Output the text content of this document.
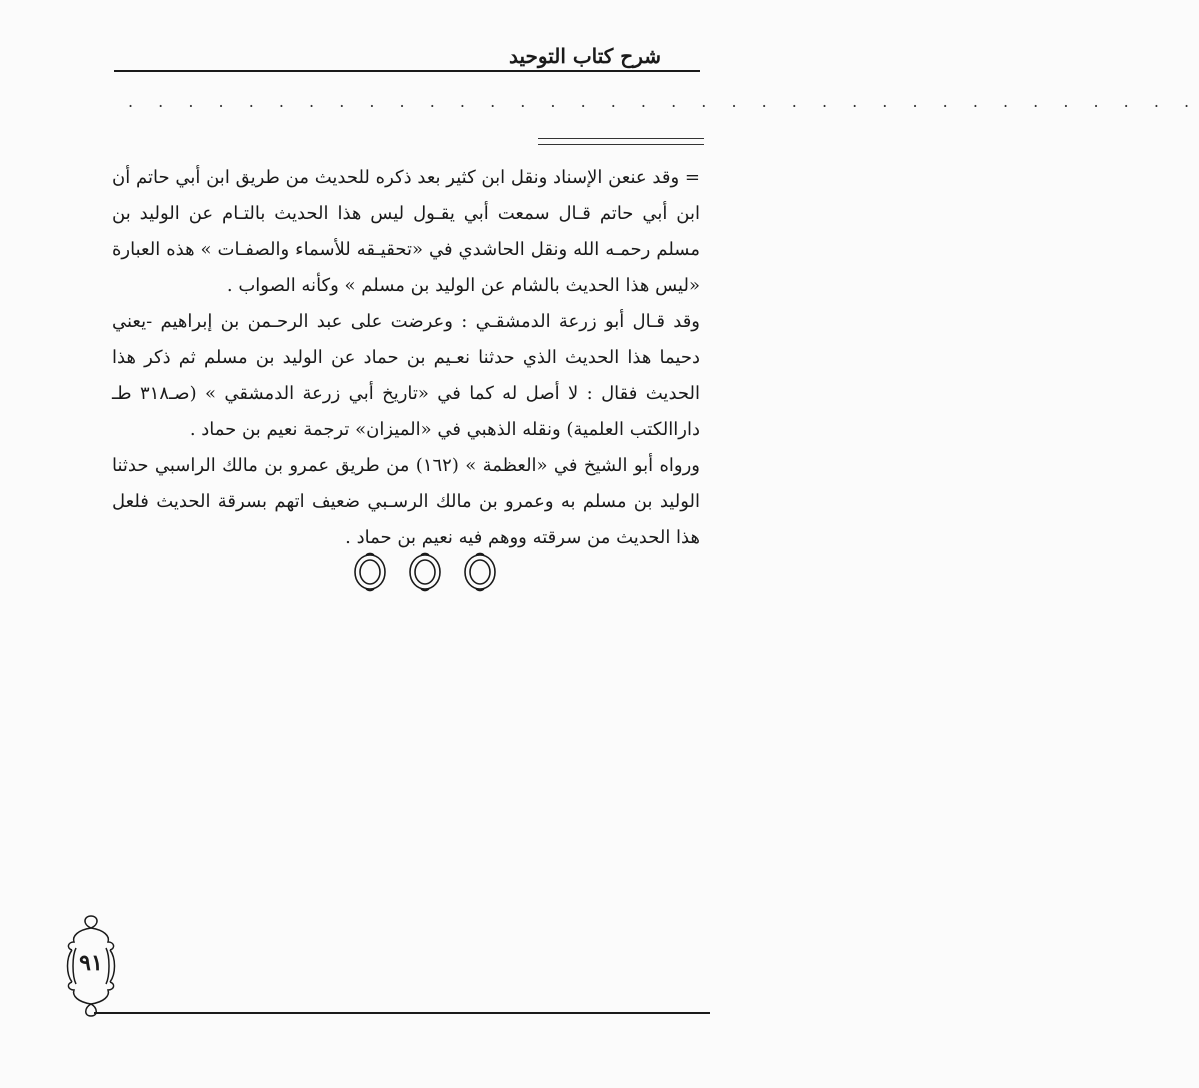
شرح كتاب التوحيد
. . . . . . . . . . . . . . . . . . . . . . . . . . . . . . . . . . . .

= وقد عنعن الإسناد ونقل ابن كثير بعد ذكره للحديث من طريق ابن أبي حاتم أن ابن أبي حاتم قـال سمعت أبي يقـول ليس هذا الحديث بالتـام عن الوليد بن مسلم رحمـه الله ونقل الحاشدي في «تحقيـقه للأسماء والصفـات » هذه العبارة «ليس هذا الحديث بالشام عن الوليد بن مسلم » وكأنه الصواب .

وقد قـال أبو زرعة الدمشقـي : وعرضت على عبد الرحـمن بن إبراهيم -يعني دحيما هذا الحديث الذي حدثنا نعـيم بن حماد عن الوليد بن مسلم ثم ذكر هذا الحديث فقال : لا أصل له كما في «تاريخ أبي زرعة الدمشقي » (صـ٣١٨ طـ داراالكتب العلمية) ونقله الذهبي في «الميزان» ترجمة نعيم بن حماد .

ورواه أبو الشيخ في «العظمة » (١٦٢) من طريق عمرو بن مالك الراسبي حدثنا الوليد بن مسلم به وعمرو بن مالك الرسـبي ضعيف اتهم بسرقة الحديث فلعل هذا الحديث من سرقته ووهم فيه نعيم بن حماد .

٩١
